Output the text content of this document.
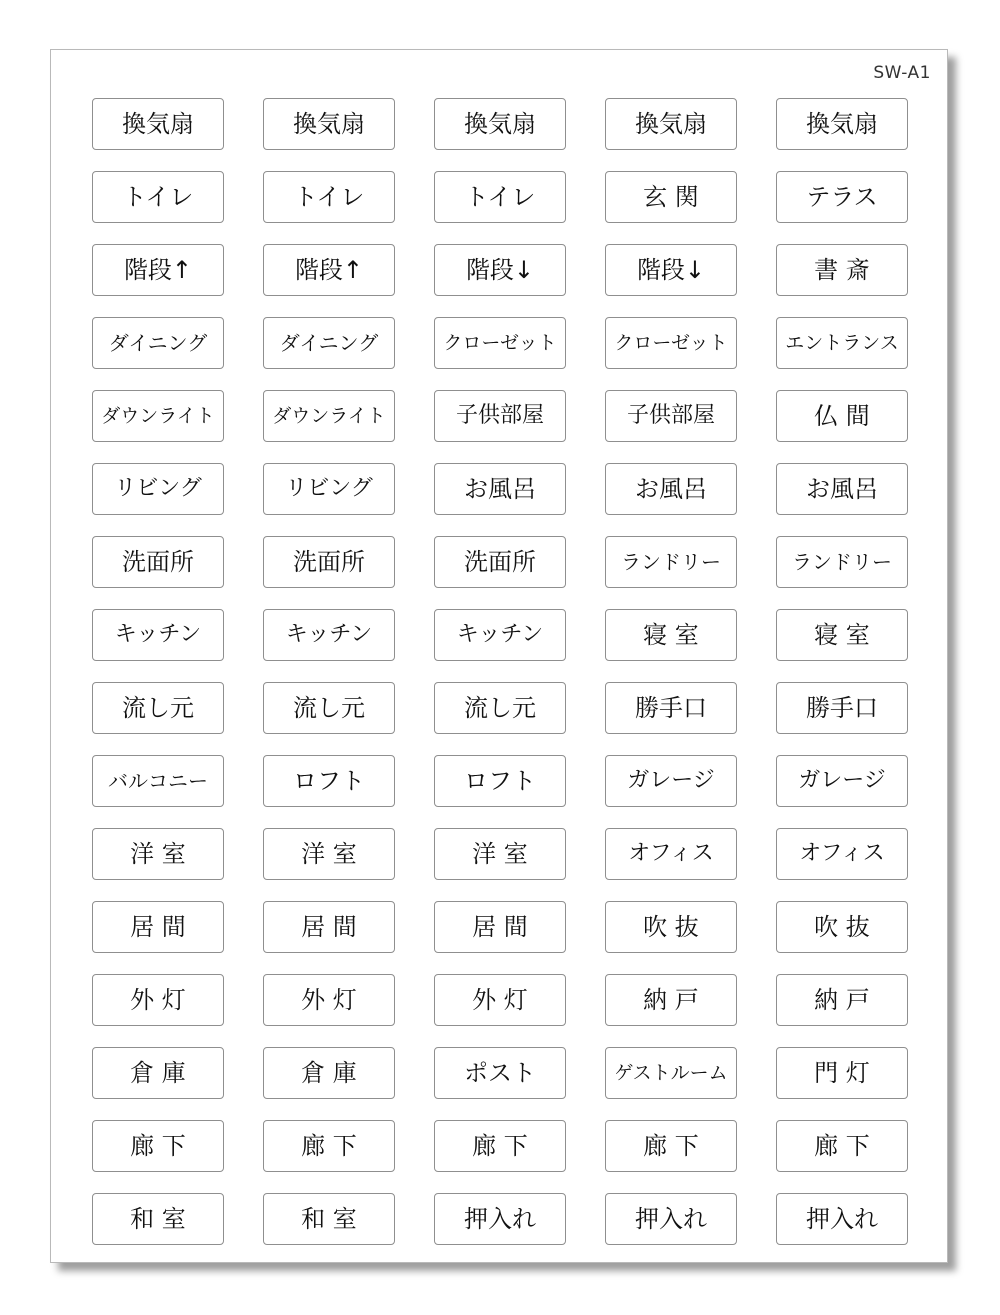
SW-A1
換気扇	換気扇	換気扇	換気扇	換気扇
トイレ	トイレ	トイレ	玄 関	テラス
階段↑	階段↑	階段↓	階段↓	書 斎
ダイニング	ダイニング	クローゼット	クローゼット	エントランス
ダウンライト	ダウンライト	子供部屋	子供部屋	仏 間
リビング	リビング	お風呂	お風呂	お風呂
洗面所	洗面所	洗面所	ランドリー	ランドリー
キッチン	キッチン	キッチン	寝 室	寝 室
流し元	流し元	流し元	勝手口	勝手口
バルコニー	ロフト	ロフト	ガレージ	ガレージ
洋 室	洋 室	洋 室	オフィス	オフィス
居 間	居 間	居 間	吹 抜	吹 抜
外 灯	外 灯	外 灯	納 戸	納 戸
倉 庫	倉 庫	ポスト	ゲストルーム	門 灯
廊 下	廊 下	廊 下	廊 下	廊 下
和 室	和 室	押入れ	押入れ	押入れ
